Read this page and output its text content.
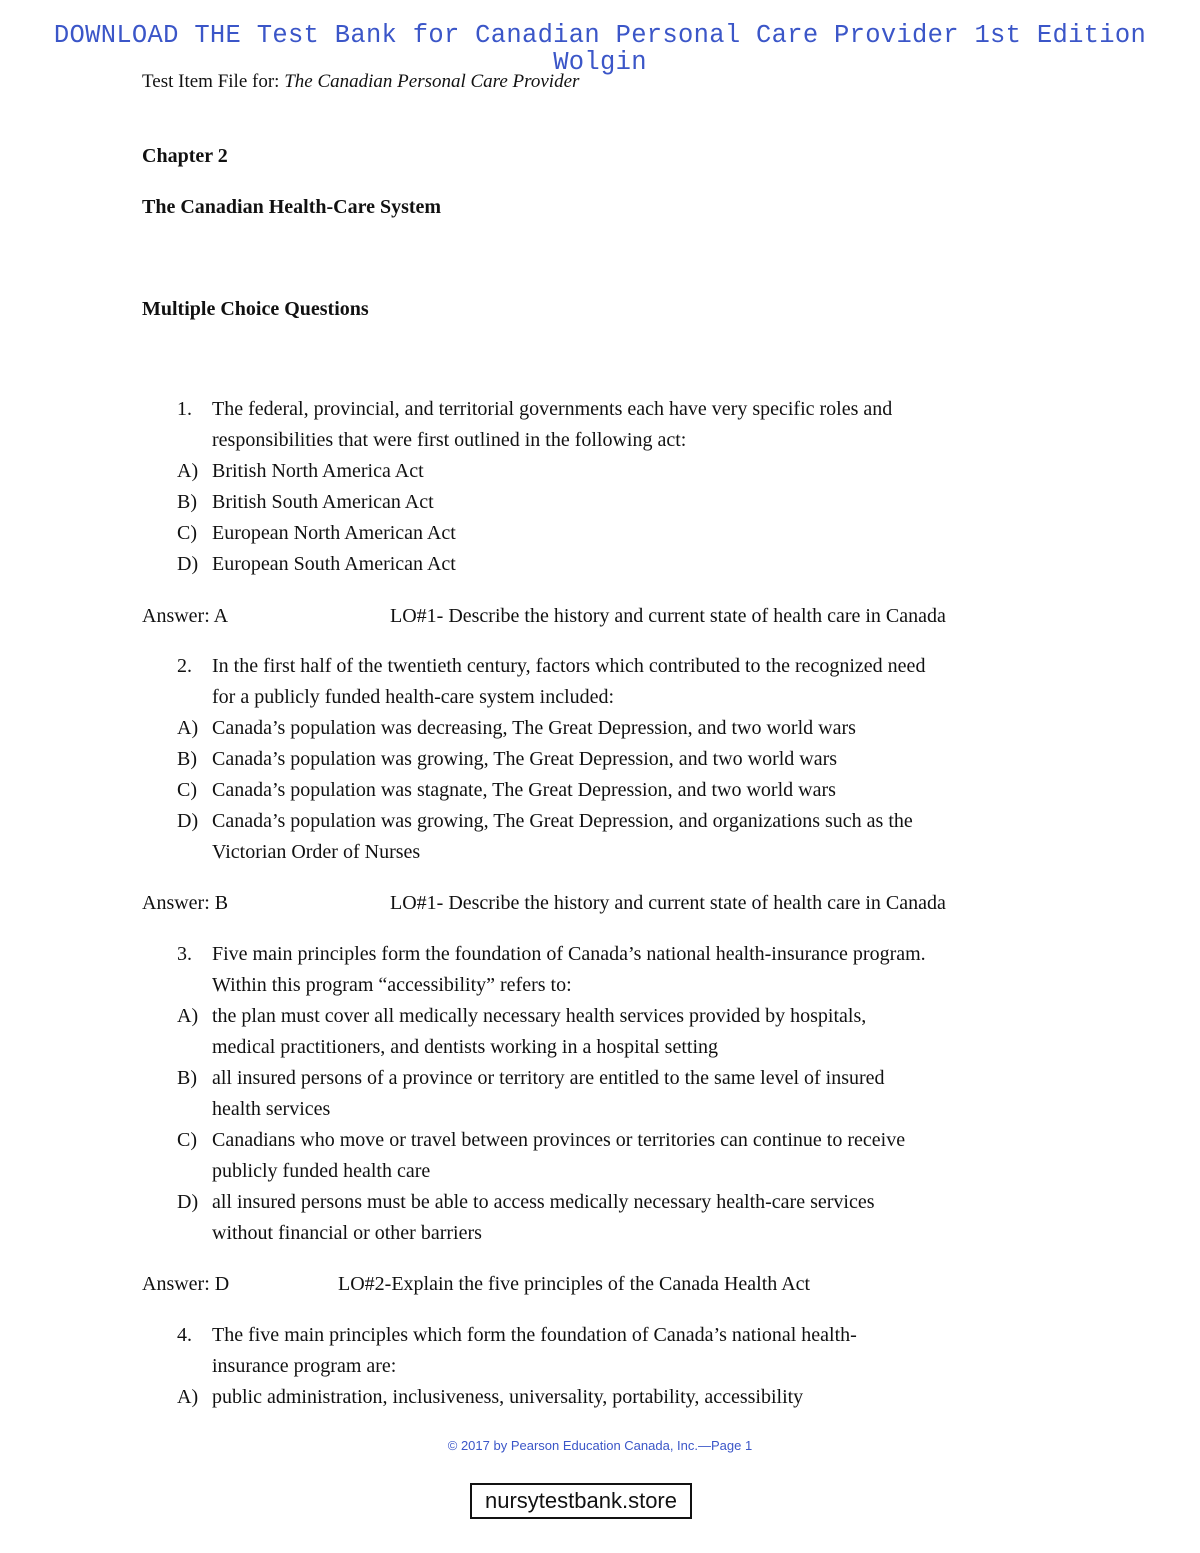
DOWNLOAD THE Test Bank for Canadian Personal Care Provider 1st Edition
Wolgin
Test Item File for: The Canadian Personal Care Provider
Chapter 2
The Canadian Health-Care System
Multiple Choice Questions
1. The federal, provincial, and territorial governments each have very specific roles and
responsibilities that were first outlined in the following act:
A) British North America Act
B) British South American Act
C) European North American Act
D) European South American Act
Answer: A	LO#1- Describe the history and current state of health care in Canada
2. In the first half of the twentieth century, factors which contributed to the recognized need
for a publicly funded health-care system included:
A) Canada’s population was decreasing, The Great Depression, and two world wars
B) Canada’s population was growing, The Great Depression, and two world wars
C) Canada’s population was stagnate, The Great Depression, and two world wars
D) Canada’s population was growing, The Great Depression, and organizations such as the
Victorian Order of Nurses
Answer: B	LO#1- Describe the history and current state of health care in Canada
3. Five main principles form the foundation of Canada’s national health-insurance program.
Within this program “accessibility” refers to:
A) the plan must cover all medically necessary health services provided by hospitals,
medical practitioners, and dentists working in a hospital setting
B) all insured persons of a province or territory are entitled to the same level of insured
health services
C) Canadians who move or travel between provinces or territories can continue to receive
publicly funded health care
D) all insured persons must be able to access medically necessary health-care services
without financial or other barriers
Answer: D	LO#2-Explain the five principles of the Canada Health Act
4. The five main principles which form the foundation of Canada’s national health-
insurance program are:
A) public administration, inclusiveness, universality, portability, accessibility
© 2017 by Pearson Education Canada, Inc.—Page 1
nursytestbank.store
